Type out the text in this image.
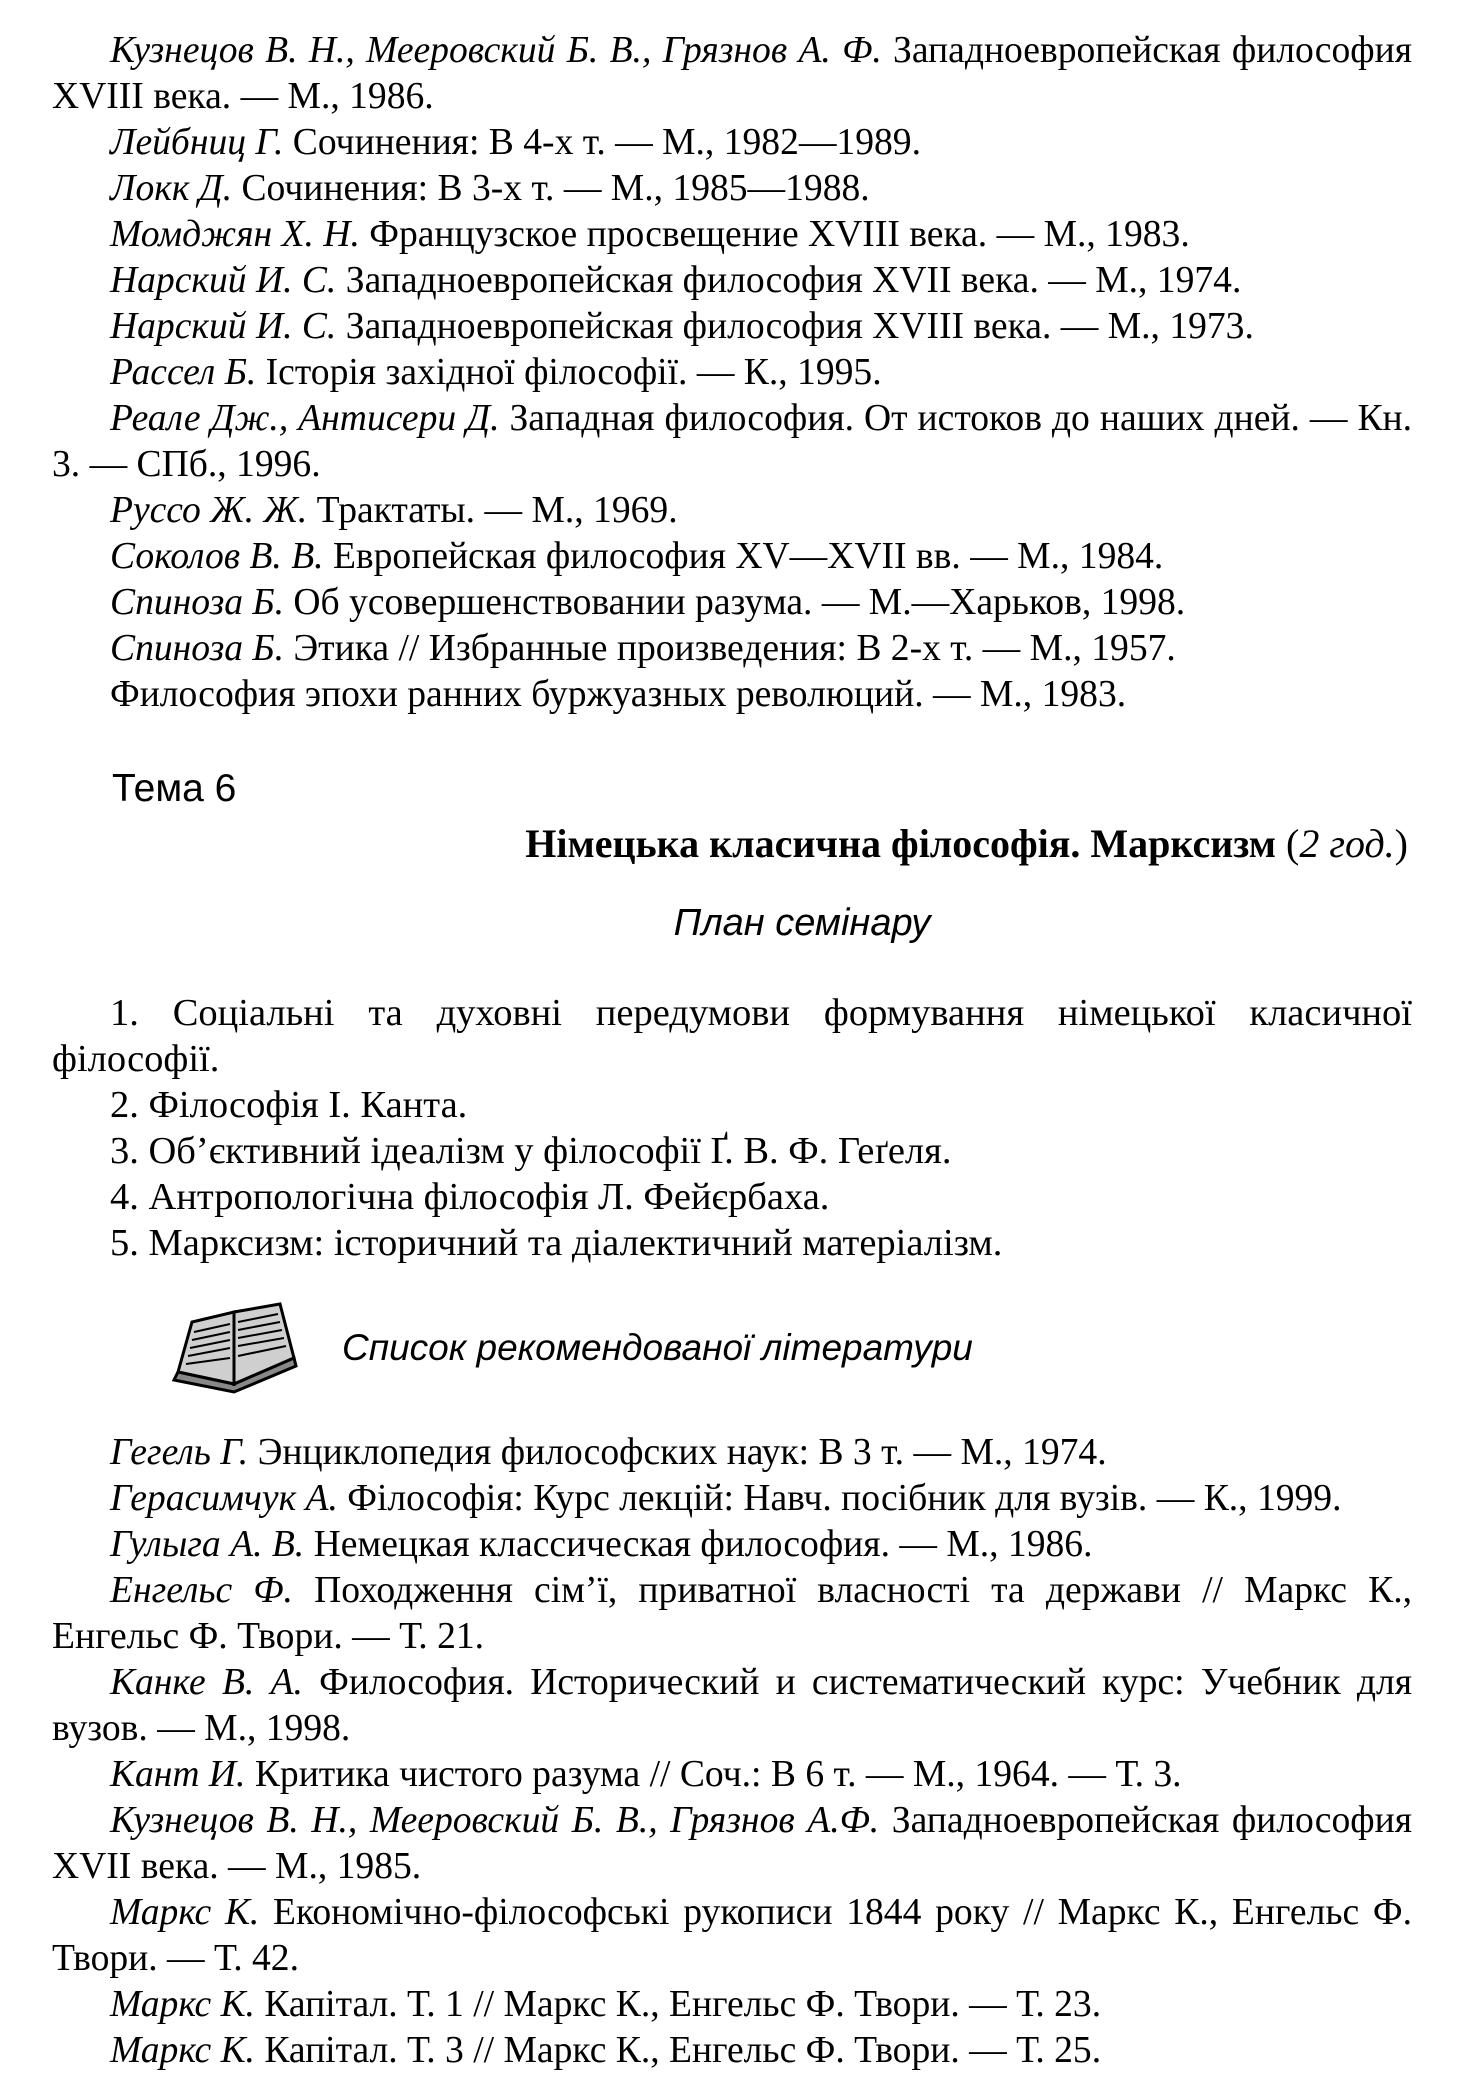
Кузнецов В. Н., Мееровский Б. В., Грязнов А. Ф. Западноевропейская философия XVIII века. — М., 1986.

Лейбниц Г. Сочинения: В 4-х т. — М., 1982—1989.

Локк Д. Сочинения: В 3-х т. — М., 1985—1988.

Момджян Х. Н. Французское просвещение XVIII века. — М., 1983.

Нарский И. С. Западноевропейская философия XVII века. — М., 1974.

Нарский И. С. Западноевропейская философия XVIII века. — М., 1973.

Рассел Б. Історія західної філософії. — К., 1995.

Реале Дж., Антисери Д. Западная философия. От истоков до наших дней. — Кн. 3. — СПб., 1996.

Руссо Ж. Ж. Трактаты. — М., 1969.

Соколов В. В. Европейская философия XV—XVII вв. — М., 1984.

Спиноза Б. Об усовершенствовании разума. — М.—Харьков, 1998.

Спиноза Б. Этика // Избранные произведения: В 2-х т. — М., 1957.

Философия эпохи ранних буржуазных революций. — М., 1983.

Тема 6
Німецька класична філософія. Марксизм (2 год.)
План семінару

1. Соціальні та духовні передумови формування німецької класичної філософії.

2. Філософія І. Канта.

3. Об’єктивний ідеалізм у філософії Ґ. В. Ф. Геґеля.

4. Антропологічна філософія Л. Фейєрбаха.

5. Марксизм: історичний та діалектичний матеріалізм.

Список рекомендованої літератури

Гегель Г. Энциклопедия философских наук: В 3 т. — М., 1974.

Герасимчук А. Філософія: Курс лекцій: Навч. посібник для вузів. — К., 1999.

Гулыга А. В. Немецкая классическая философия. — М., 1986.

Енгельс Ф. Походження сім’ї, приватної власності та держави // Маркс К., Енгельс Ф. Твори. — Т. 21.

Канке В. А. Философия. Исторический и систематический курс: Учебник для вузов. — М., 1998.

Кант И. Критика чистого разума // Соч.: В 6 т. — М., 1964. — Т. 3.

Кузнецов В. Н., Мееровский Б. В., Грязнов А.Ф. Западноевропейская философия XVII века. — М., 1985.

Маркс К. Економічно-філософські рукописи 1844 року // Маркс К., Енгельс Ф. Твори. — Т. 42.

Маркс К. Капітал. Т. 1 // Маркс К., Енгельс Ф. Твори. — Т. 23.

Маркс К. Капітал. Т. 3 // Маркс К., Енгельс Ф. Твори. — Т. 25.
